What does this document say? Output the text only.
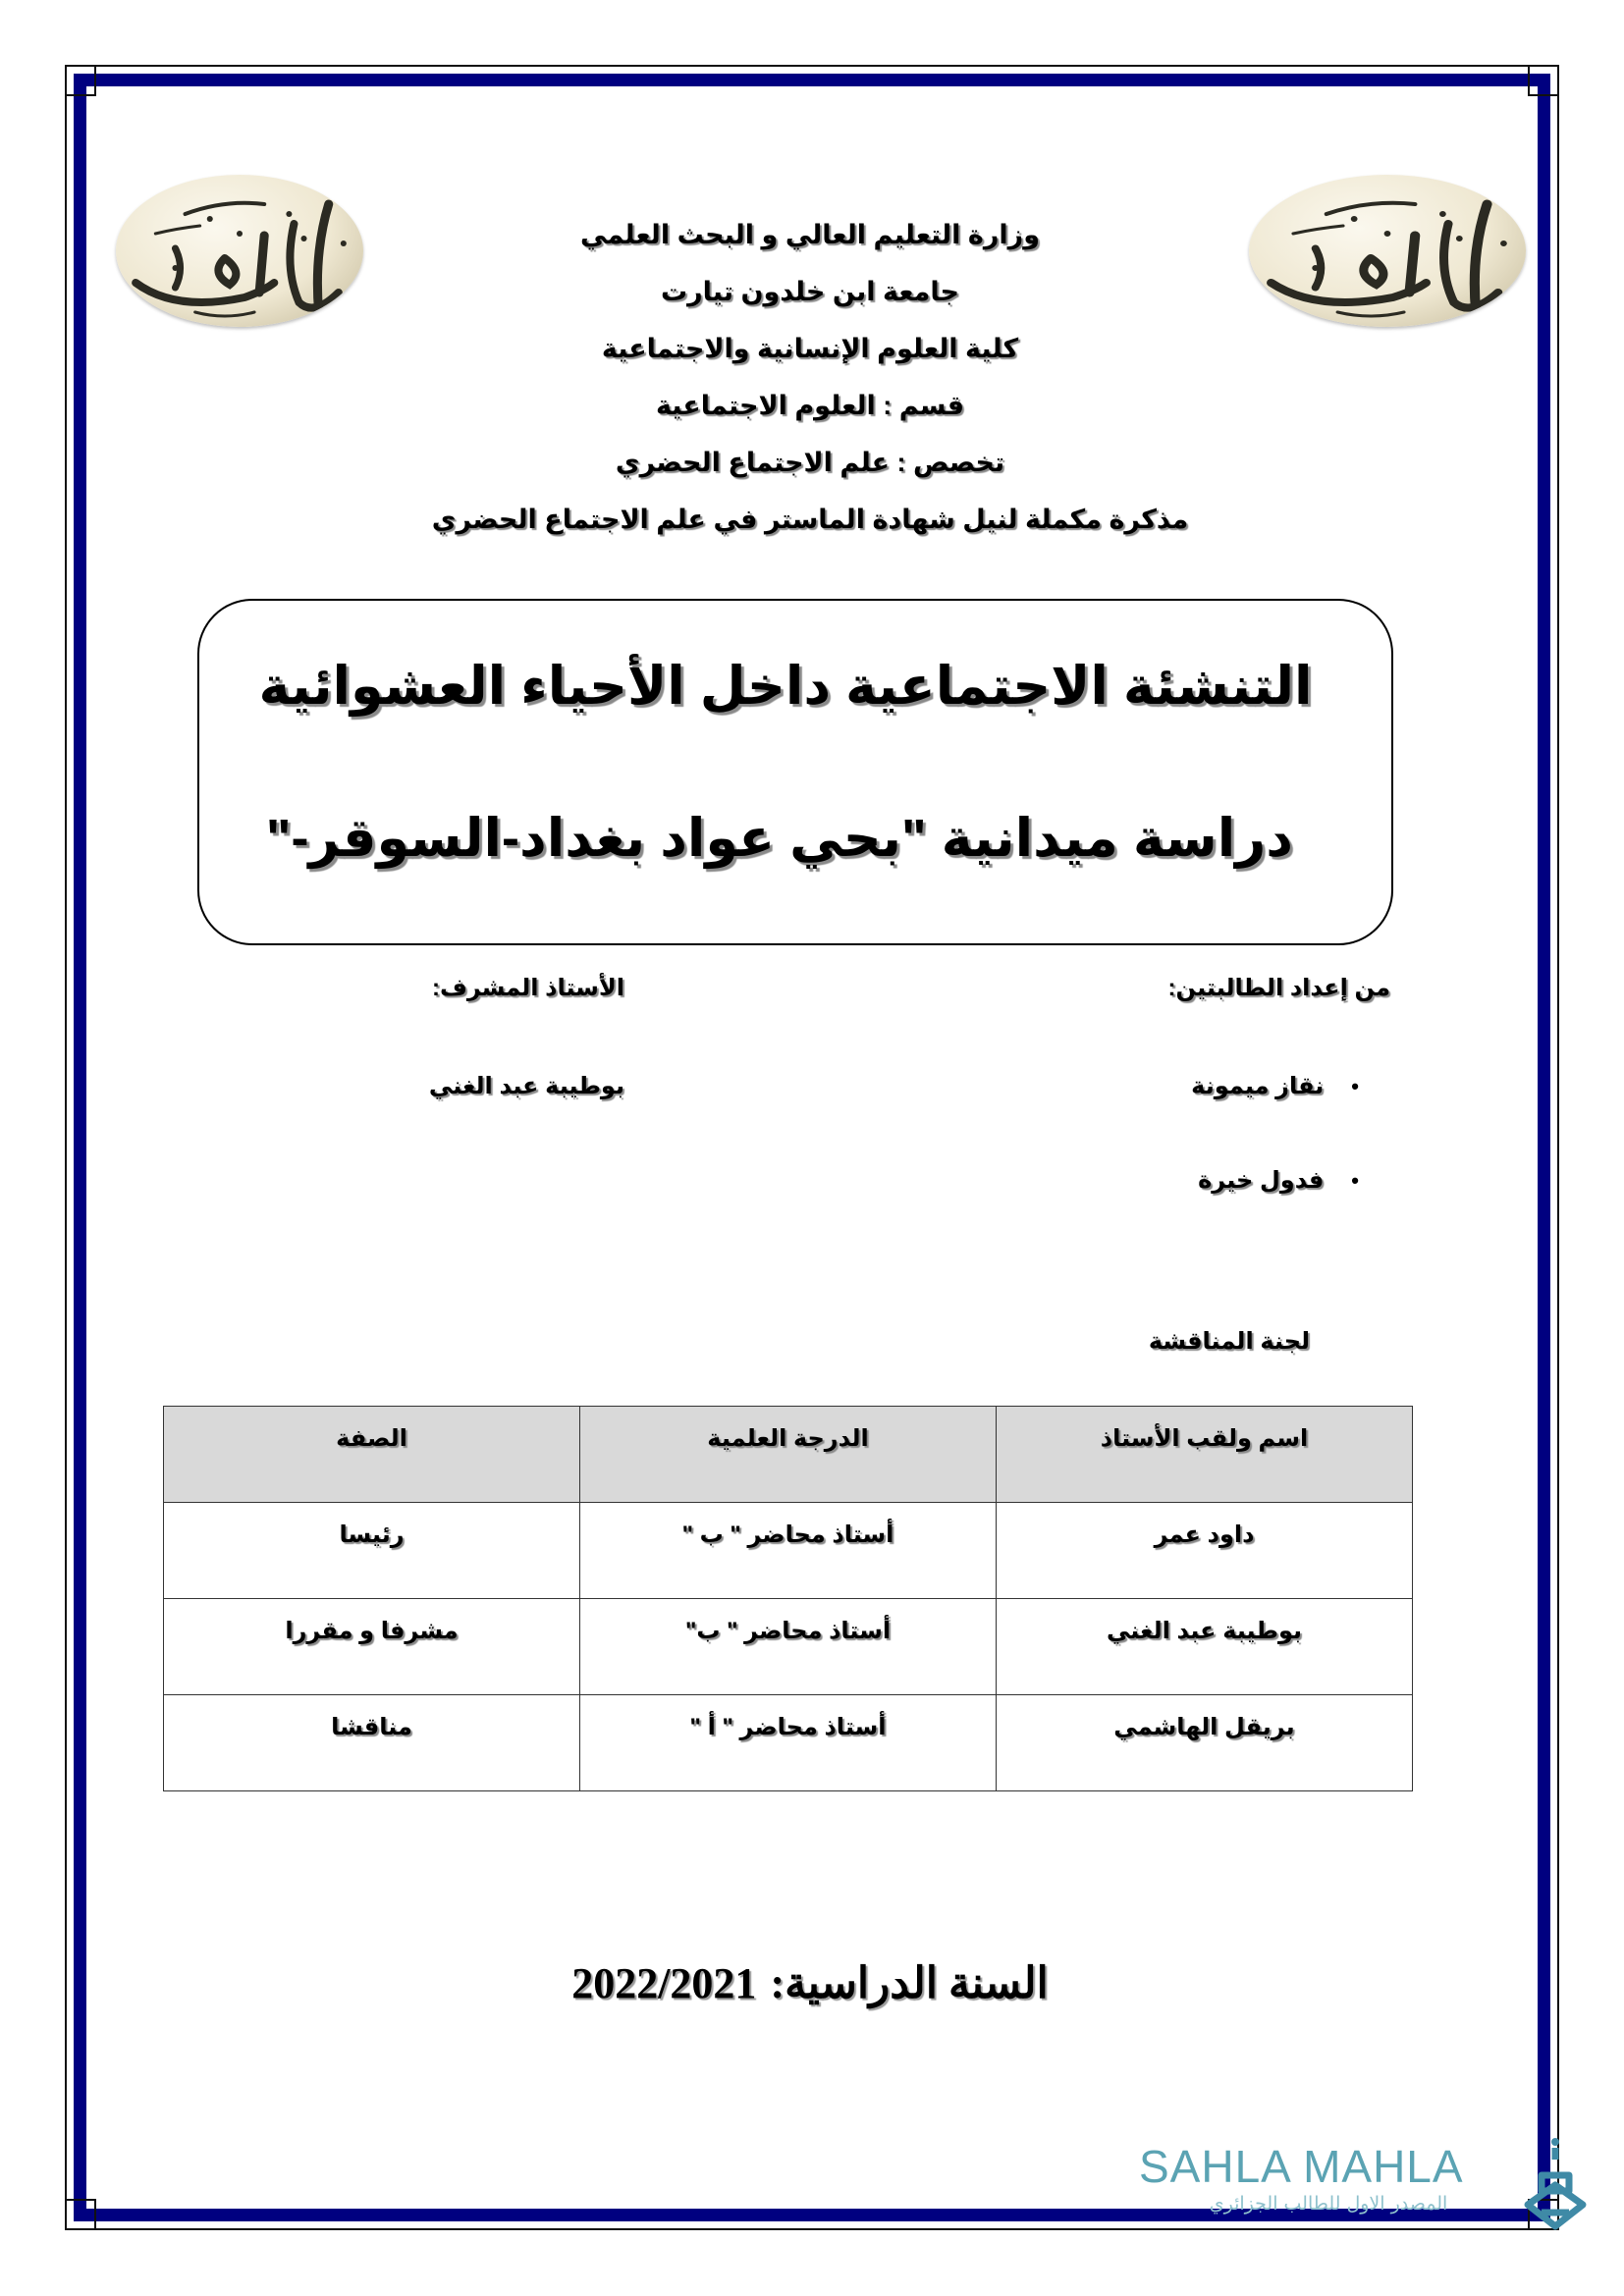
وزارة التعليم العالي و البحث العلمي
جامعة ابن خلدون تيارت
كلية العلوم الإنسانية والاجتماعية
قسم : العلوم الاجتماعية
تخصص : علم الاجتماع الحضري
مذكرة مكملة لنيل شهادة الماستر في علم الاجتماع الحضري
التنشئة الاجتماعية داخل الأحياء العشوائية
دراسة ميدانية "بحي عواد بغداد-السوقر-"
من إعداد الطالبتين:
•نقاز ميمونة
•فدول خيرة
الأستاذ المشرف:
بوطيبة عبد الغني
لجنة المناقشة
اسم ولقب الأستاذ	الدرجة العلمية	الصفة
داود عمر	أستاذ محاضر " ب "	رئيسا
بوطيبة عبد الغني	أستاذ محاضر " ب"	مشرفا و مقررا
بريقل الهاشمي	أستاذ محاضر " أ "	مناقشا
السنة الدراسية:2022/2021
SAHLA MAHLA
المصدر الاول للطالب الجزائري
